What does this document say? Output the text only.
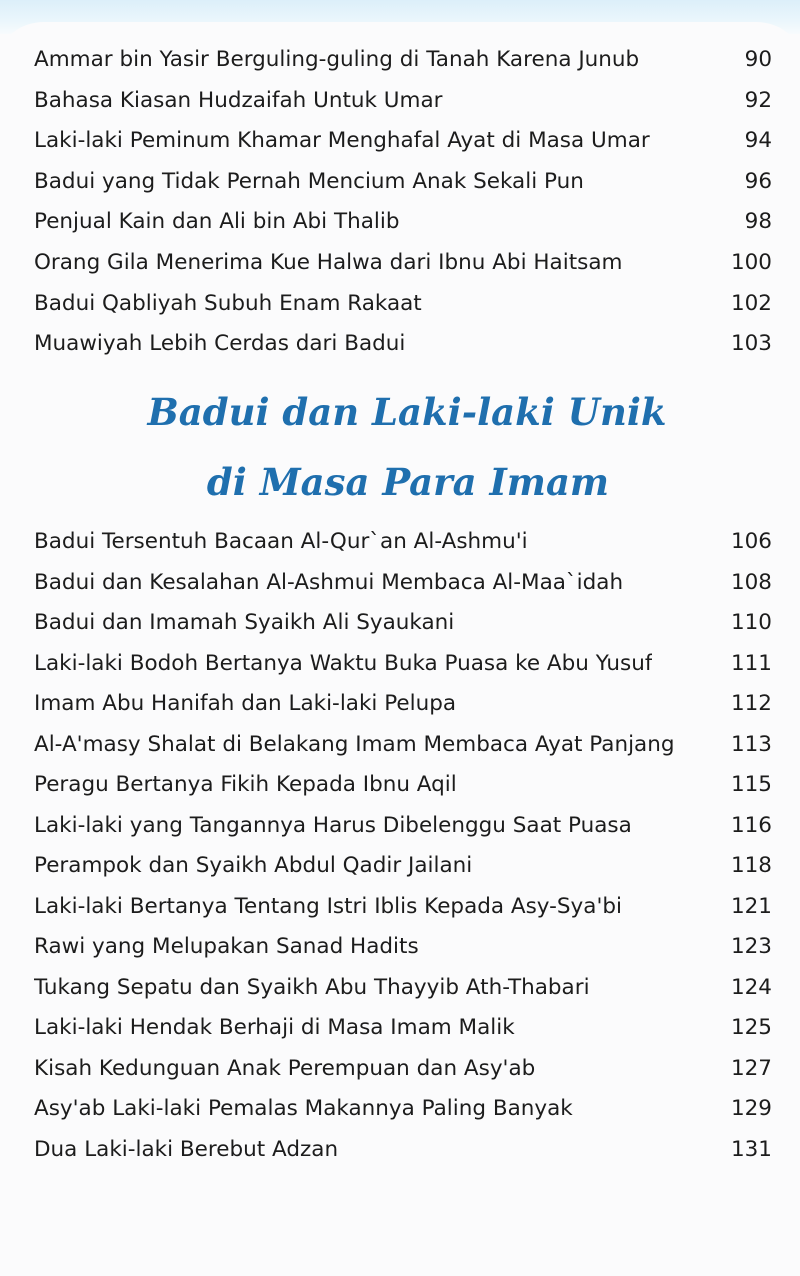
Ammar bin Yasir Berguling-guling di Tanah Karena Junub	90
Bahasa Kiasan Hudzaifah Untuk Umar	92
Laki-laki Peminum Khamar Menghafal Ayat di Masa Umar	94
Badui yang Tidak Pernah Mencium Anak Sekali Pun	96
Penjual Kain dan Ali bin Abi Thalib	98
Orang Gila Menerima Kue Halwa dari Ibnu Abi Haitsam	100
Badui Qabliyah Subuh Enam Rakaat	102
Muawiyah Lebih Cerdas dari Badui	103
Badui dan Laki-laki Unik
di Masa Para Imam
Badui Tersentuh Bacaan Al-Qur`an Al-Ashmu'i	106
Badui dan Kesalahan Al-Ashmui Membaca Al-Maa`idah	108
Badui dan Imamah Syaikh Ali Syaukani	110
Laki-laki Bodoh Bertanya Waktu Buka Puasa ke Abu Yusuf	111
Imam Abu Hanifah dan Laki-laki Pelupa	112
Al-A'masy Shalat di Belakang Imam Membaca Ayat Panjang	113
Peragu Bertanya Fikih Kepada Ibnu Aqil	115
Laki-laki yang Tangannya Harus Dibelenggu Saat Puasa	116
Perampok dan Syaikh Abdul Qadir Jailani	118
Laki-laki Bertanya Tentang Istri Iblis Kepada Asy-Sya'bi	121
Rawi yang Melupakan Sanad Hadits	123
Tukang Sepatu dan Syaikh Abu Thayyib Ath-Thabari	124
Laki-laki Hendak Berhaji di Masa Imam Malik	125
Kisah Kedunguan Anak Perempuan dan Asy'ab	127
Asy'ab Laki-laki Pemalas Makannya Paling Banyak	129
Dua Laki-laki Berebut Adzan	131
